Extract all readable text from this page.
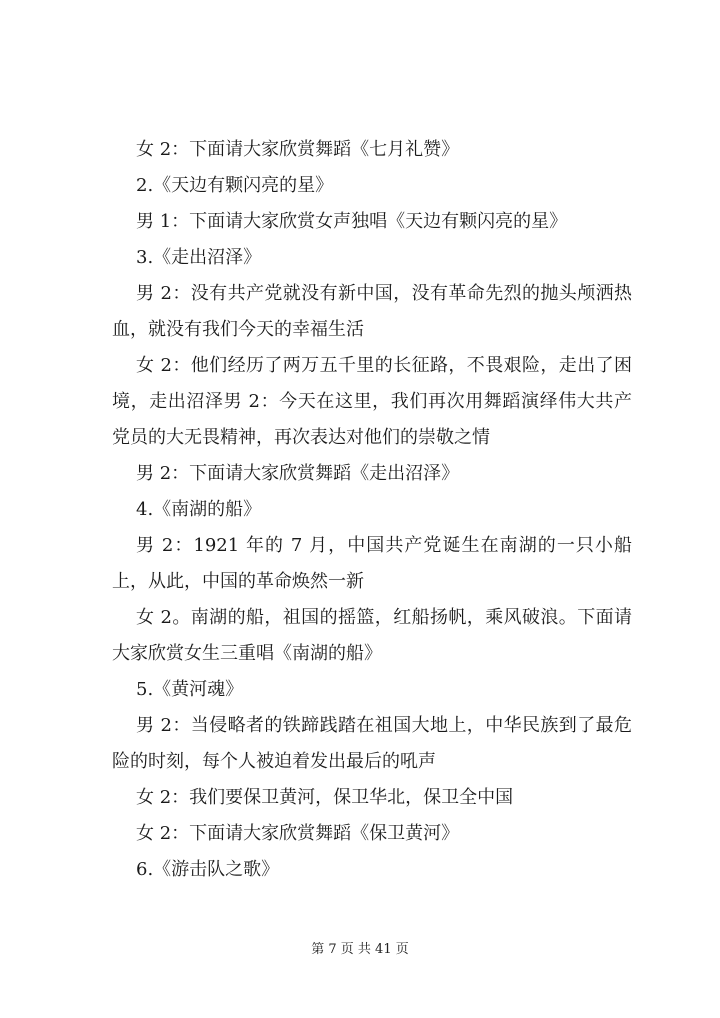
女 2：下面请大家欣赏舞蹈《七月礼赞》

2.《天边有颗闪亮的星》

男 1：下面请大家欣赏女声独唱《天边有颗闪亮的星》

3.《走出沼泽》

男 2：没有共产党就没有新中国，没有革命先烈的抛头颅洒热血，就没有我们今天的幸福生活

女 2：他们经历了两万五千里的长征路，不畏艰险，走出了困境，走出沼泽男 2：今天在这里，我们再次用舞蹈演绎伟大共产党员的大无畏精神，再次表达对他们的崇敬之情

男 2：下面请大家欣赏舞蹈《走出沼泽》

4.《南湖的船》

男 2：1921 年的 7 月，中国共产党诞生在南湖的一只小船上，从此，中国的革命焕然一新

女 2。南湖的船，祖国的摇篮，红船扬帆，乘风破浪。下面请大家欣赏女生三重唱《南湖的船》

5.《黄河魂》

男 2：当侵略者的铁蹄践踏在祖国大地上，中华民族到了最危险的时刻，每个人被迫着发出最后的吼声

女 2：我们要保卫黄河，保卫华北，保卫全中国

女 2：下面请大家欣赏舞蹈《保卫黄河》

6.《游击队之歌》

第 7 页 共 41 页
